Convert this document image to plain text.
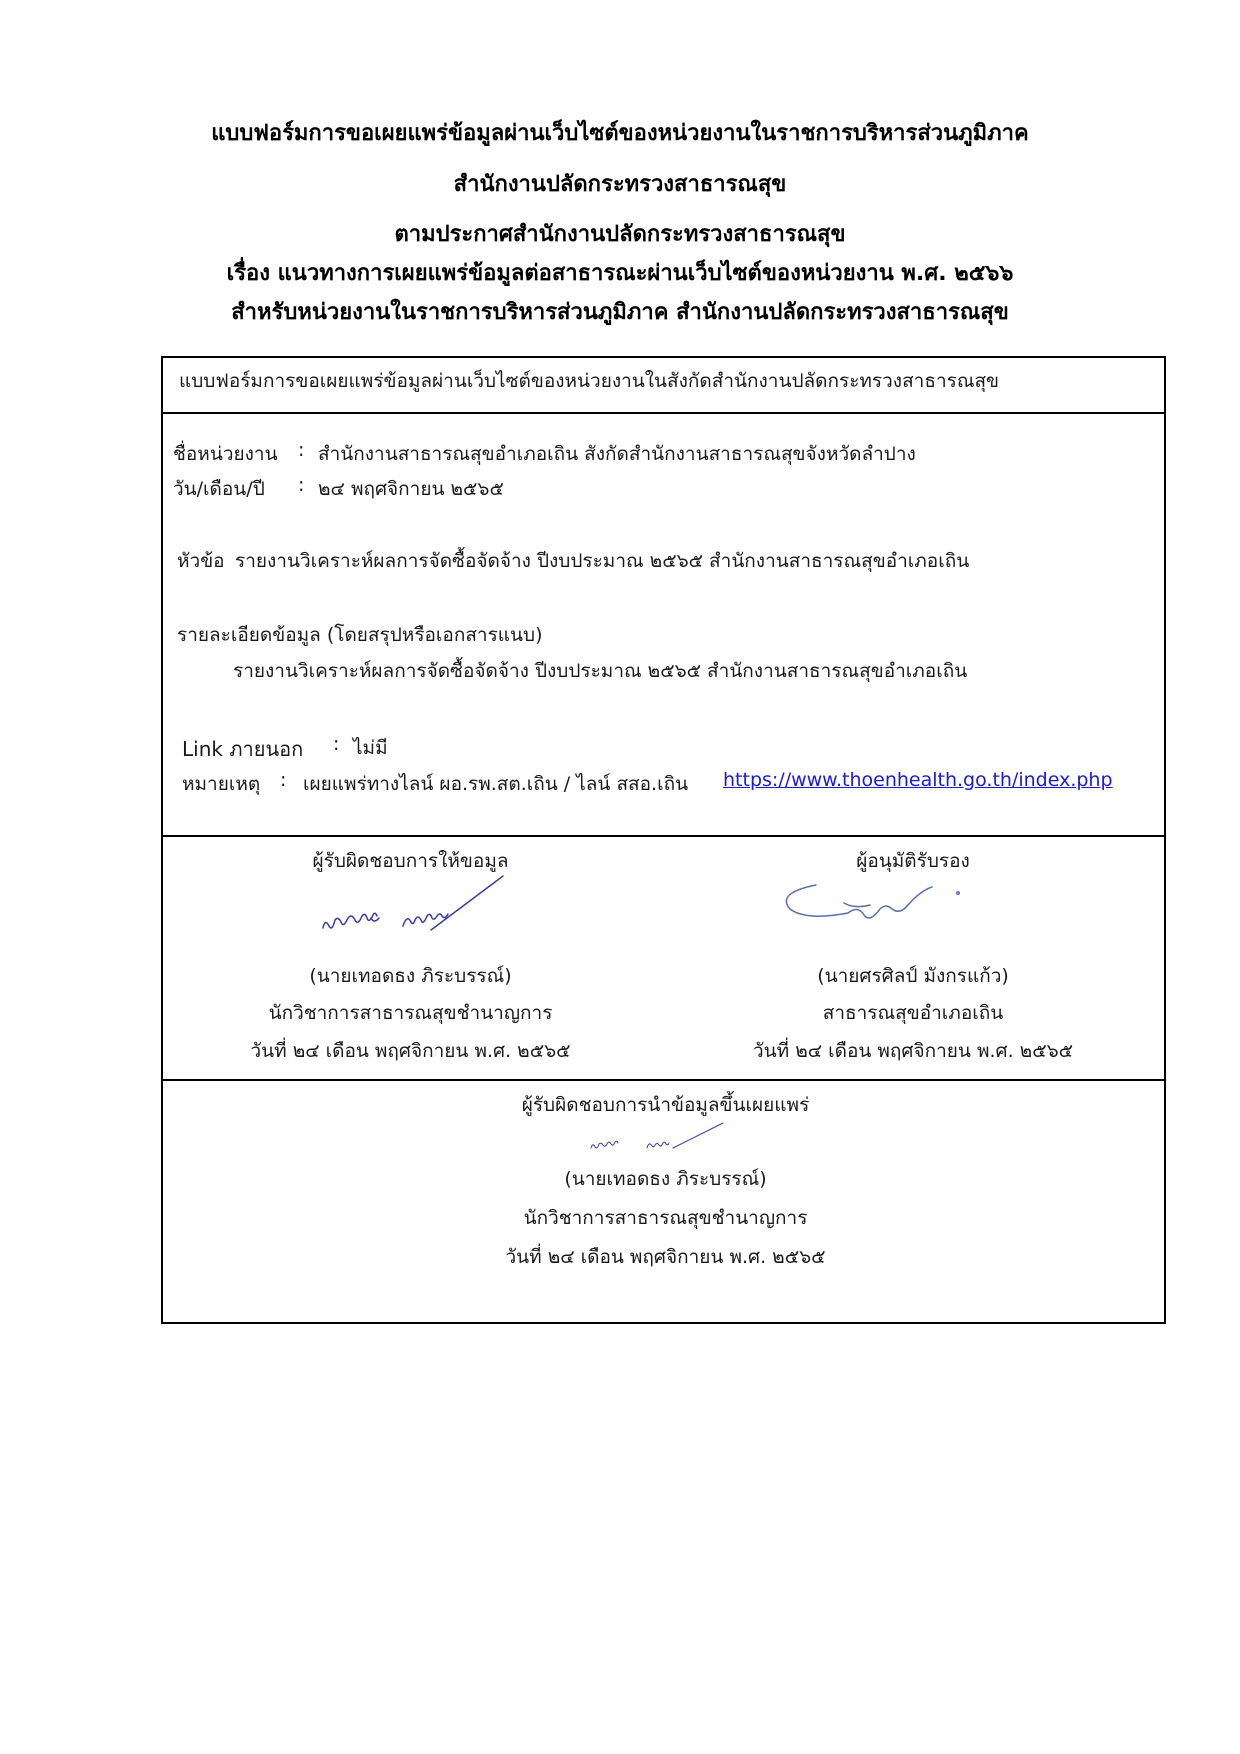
แบบฟอร์มการขอเผยแพร่ข้อมูลผ่านเว็บไซต์ของหน่วยงานในราชการบริหารส่วนภูมิภาค
สำนักงานปลัดกระทรวงสาธารณสุข
ตามประกาศสำนักงานปลัดกระทรวงสาธารณสุข
เรื่อง แนวทางการเผยแพร่ข้อมูลต่อสาธารณะผ่านเว็บไซต์ของหน่วยงาน พ.ศ. ๒๕๖๖
สำหรับหน่วยงานในราชการบริหารส่วนภูมิภาค สำนักงานปลัดกระทรวงสาธารณสุข
แบบฟอร์มการขอเผยแพร่ข้อมูลผ่านเว็บไซต์ของหน่วยงานในสังกัดสำนักงานปลัดกระทรวงสาธารณสุข
ชื่อหน่วยงาน : สำนักงานสาธารณสุขอำเภอเถิน สังกัดสำนักงานสาธารณสุขจังหวัดลำปาง
วัน/เดือน/ปี : ๒๔ พฤศจิกายน ๒๕๖๕
หัวข้อ รายงานวิเคราะห์ผลการจัดซื้อจัดจ้าง ปีงบประมาณ ๒๕๖๕ สำนักงานสาธารณสุขอำเภอเถิน
รายละเอียดข้อมูล (โดยสรุปหรือเอกสารแนบ)
รายงานวิเคราะห์ผลการจัดซื้อจัดจ้าง ปีงบประมาณ ๒๕๖๕ สำนักงานสาธารณสุขอำเภอเถิน
Link ภายนอก : ไม่มี
หมายเหตุ : เผยแพร่ทางไลน์ ผอ.รพ.สต.เถิน / ไลน์ สสอ.เถิน https://www.thoenhealth.go.th/index.php
ผู้รับผิดชอบการให้ขอมูล
(นายเทอดธง ภิระบรรณ์)
นักวิชาการสาธารณสุขชำนาญการ
วันที่ ๒๔ เดือน พฤศจิกายน พ.ศ. ๒๕๖๕
ผู้อนุมัติรับรอง
(นายศรศิลป์ มังกรแก้ว)
สาธารณสุขอำเภอเถิน
วันที่ ๒๔ เดือน พฤศจิกายน พ.ศ. ๒๕๖๕
ผู้รับผิดชอบการนำข้อมูลขึ้นเผยแพร่
(นายเทอดธง ภิระบรรณ์)
นักวิชาการสาธารณสุขชำนาญการ
วันที่ ๒๔ เดือน พฤศจิกายน พ.ศ. ๒๕๖๕
